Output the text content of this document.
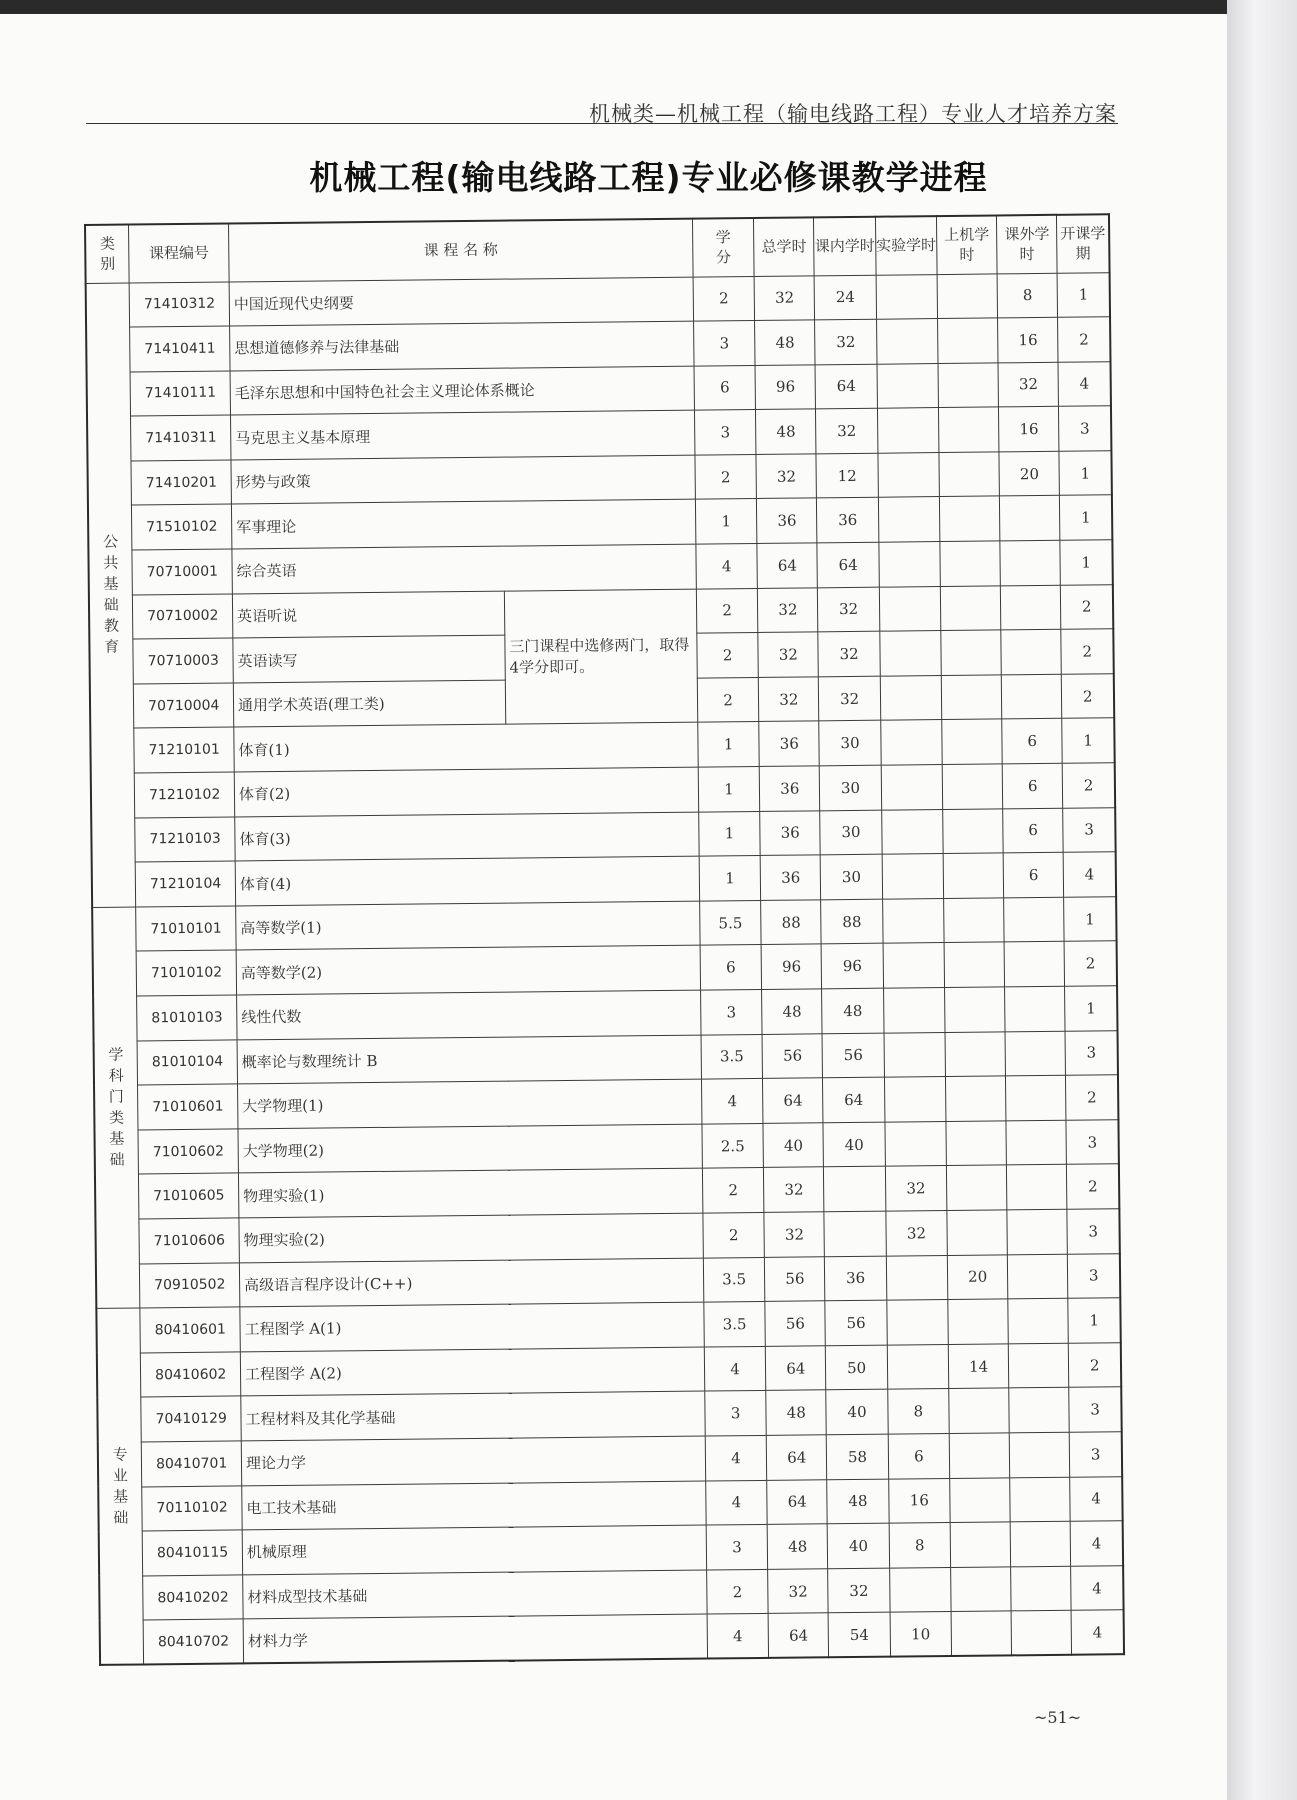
机械类—机械工程（输电线路工程）专业人才培养方案
机械工程(输电线路工程)专业必修课教学进程
类别	课程编号	课 程 名 称		学分	总学时	课内学时	实验学时	上机学时	课外学时	开课学期
公共基础教育	71410312	中国近现代史纲要		2	32	24			8	1
	71410411	思想道德修养与法律基础		3	48	32			16	2
	71410111	毛泽东思想和中国特色社会主义理论体系概论		6	96	64			32	4
	71410311	马克思主义基本原理		3	48	32			16	3
	71410201	形势与政策		2	32	12			20	1
	71510102	军事理论		1	36	36				1
	70710001	综合英语		4	64	64				1
	70710002	英语听说	三门课程中选修两门，取得4学分即可。	2	32	32				2
	70710003	英语读写		2	32	32				2
	70710004	通用学术英语(理工类)		2	32	32				2
	71210101	体育(1)		1	36	30			6	1
	71210102	体育(2)		1	36	30			6	2
	71210103	体育(3)		1	36	30			6	3
	71210104	体育(4)		1	36	30			6	4
学科门类基础	71010101	高等数学(1)		5.5	88	88				1
	71010102	高等数学(2)		6	96	96				2
	81010103	线性代数		3	48	48				1
	81010104	概率论与数理统计 B		3.5	56	56				3
	71010601	大学物理(1)		4	64	64				2
	71010602	大学物理(2)		2.5	40	40				3
	71010605	物理实验(1)		2	32		32			2
	71010606	物理实验(2)		2	32		32			3
	70910502	高级语言程序设计(C++)		3.5	56	36		20		3
专业基础	80410601	工程图学 A(1)		3.5	56	56				1
	80410602	工程图学 A(2)		4	64	50		14		2
	70410129	工程材料及其化学基础		3	48	40	8			3
	80410701	理论力学		4	64	58	6			3
	70110102	电工技术基础		4	64	48	16			4
	80410115	机械原理		3	48	40	8			4
	80410202	材料成型技术基础		2	32	32				4
	80410702	材料力学		4	64	54	10			4
~51~
